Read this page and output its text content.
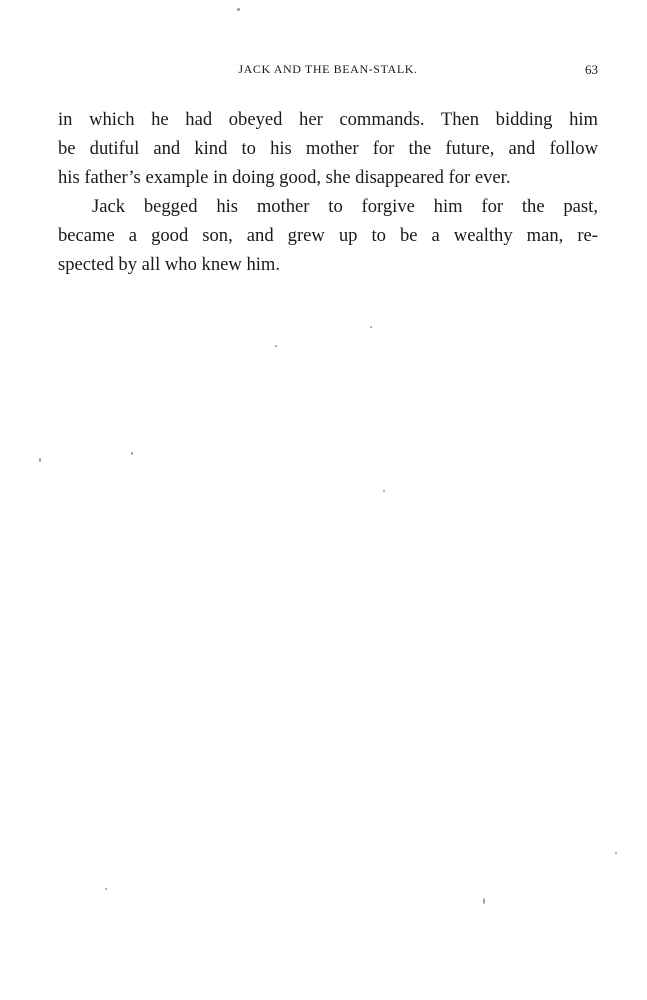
JACK AND THE BEAN-STALK.	63
in which he had obeyed her commands. Then bidding him
be dutiful and kind to his mother for the future, and follow
his father’s example in doing good, she disappeared for ever.
Jack begged his mother to forgive him for the past,
became a good son, and grew up to be a wealthy man, re-
spected by all who knew him.
